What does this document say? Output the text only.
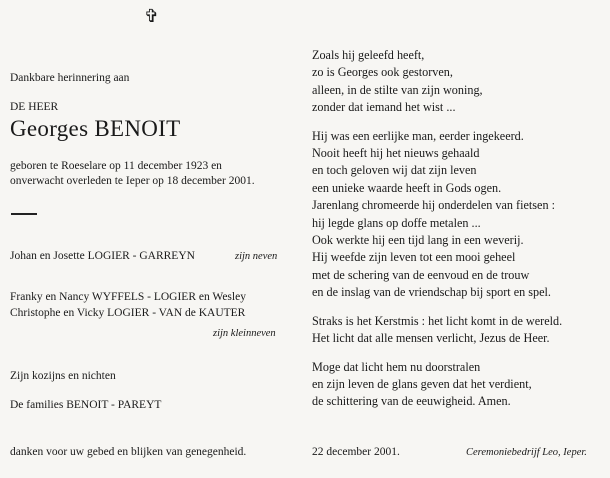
✞
Dankbare herinnering aan
DE HEER
Georges BENOIT
geboren te Roeselare op 11 december 1923 en
onverwacht overleden te Ieper op 18 december 2001.
Johan en Josette LOGIER - GARREYN	zijn neven
Franky en Nancy WYFFELS - LOGIER en Wesley
Christophe en Vicky LOGIER - VAN de KAUTER
zijn kleinneven
Zijn kozijns en nichten
De families BENOIT - PAREYT
danken voor uw gebed en blijken van genegenheid.

Zoals hij geleefd heeft,

zo is Georges ook gestorven,

alleen, in de stilte van zijn woning,

zonder dat iemand het wist ...

Hij was een eerlijke man, eerder ingekeerd.

Nooit heeft hij het nieuws gehaald

en toch geloven wij dat zijn leven

een unieke waarde heeft in Gods ogen.

Jarenlang chromeerde hij onderdelen van fietsen :

hij legde glans op doffe metalen ...

Ook werkte hij een tijd lang in een weverij.

Hij weefde zijn leven tot een mooi geheel

met de schering van de eenvoud en de trouw

en de inslag van de vriendschap bij sport en spel.

Straks is het Kerstmis : het licht komt in de wereld.

Het licht dat alle mensen verlicht, Jezus de Heer.

Moge dat licht hem nu doorstralen

en zijn leven de glans geven dat het verdient,

de schittering van de eeuwigheid. Amen.

22 december 2001.	Ceremoniebedrijf Leo, Ieper.
